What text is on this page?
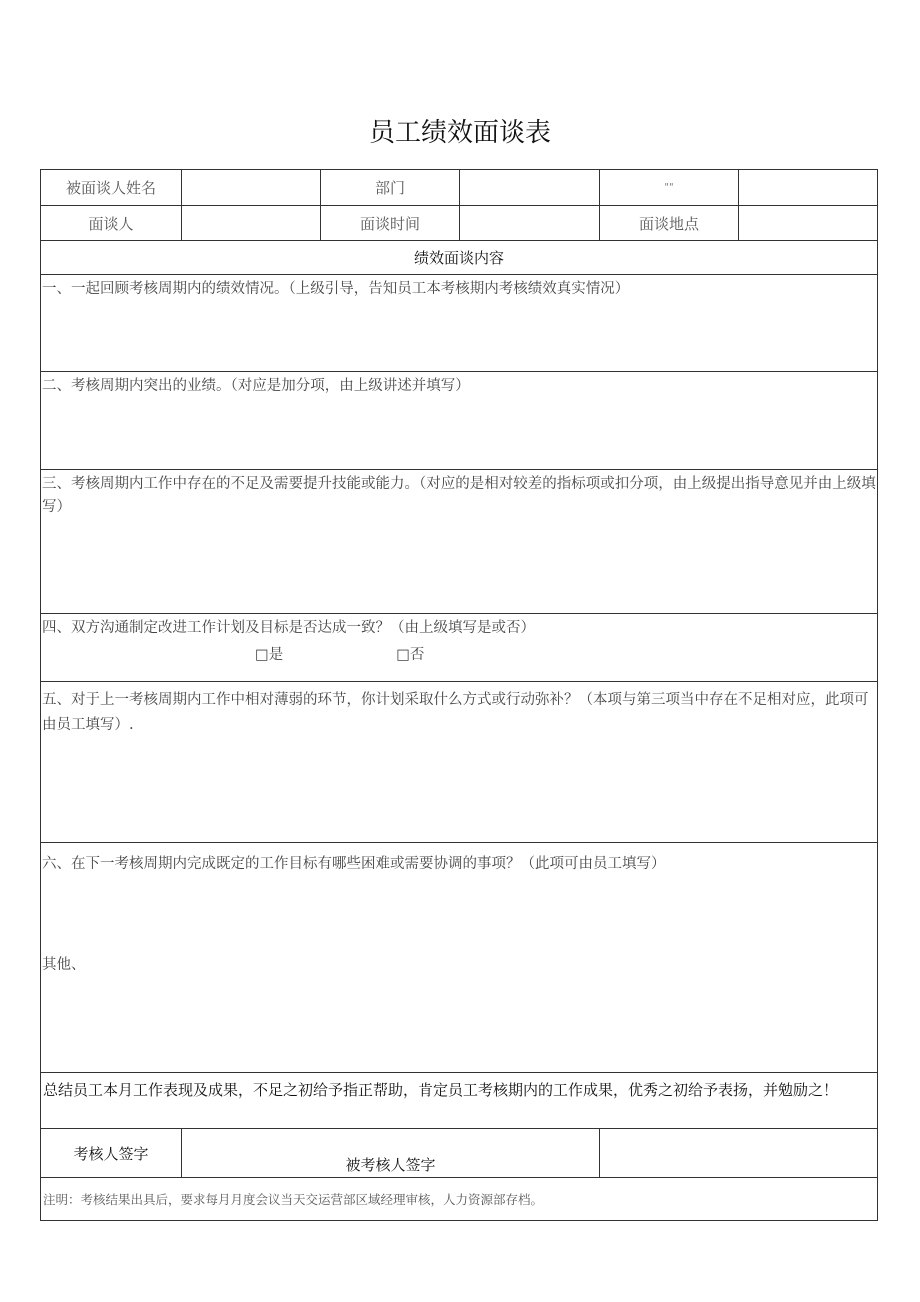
员工绩效面谈表
被面谈人姓名	部门	""
面谈人	面谈时间	面谈地点
绩效面谈内容
一、一起回顾考核周期内的绩效情况。（上级引导，告知员工本考核期内考核绩效真实情况）
二、考核周期内突出的业绩。（对应是加分项，由上级讲述并填写）
三、考核周期内工作中存在的不足及需要提升技能或能力。（对应的是相对较差的指标项或扣分项，由上级提出指导意见并由上级填写）
四、双方沟通制定改进工作计划及目标是否达成一致？（由上级填写是或否）
□是	□否
五、对于上一考核周期内工作中相对薄弱的环节，你计划采取什么方式或行动弥补？（本项与第三项当中存在不足相对应，此项可由员工填写）.
六、在下一考核周期内完成既定的工作目标有哪些困难或需要协调的事项？（此项可由员工填写）
其他、
总结员工本月工作表现及成果，不足之初给予指正帮助，肯定员工考核期内的工作成果，优秀之初给予表扬，并勉励之！
考核人签字
被考核人签字
注明：考核结果出具后，要求每月月度会议当天交运营部区域经理审核，人力资源部存档。
